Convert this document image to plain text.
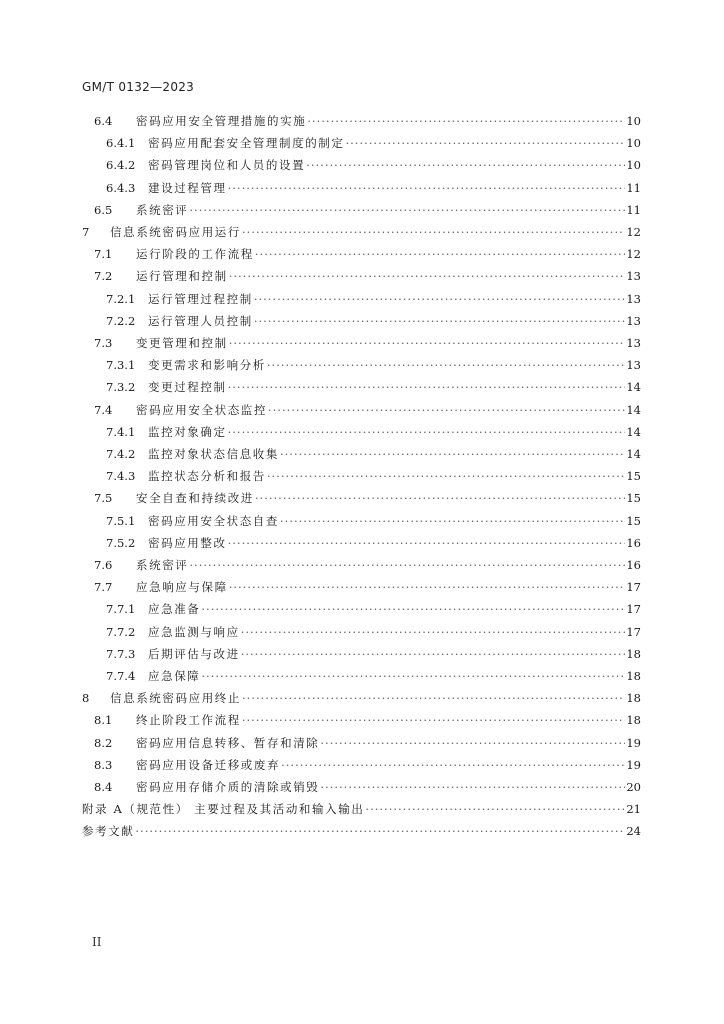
GM/T 0132—2023
6.4	密码应用安全管理措施的实施 ·····	10
6.4.1	密码应用配套安全管理制度的制定 ·····	10
6.4.2	密码管理岗位和人员的设置 ·····	10
6.4.3	建设过程管理 ·····	11
6.5	系统密评 ·····	11
7	信息系统密码应用运行 ·····	12
7.1	运行阶段的工作流程 ·····	12
7.2	运行管理和控制 ·····	13
7.2.1	运行管理过程控制 ·····	13
7.2.2	运行管理人员控制 ·····	13
7.3	变更管理和控制 ·····	13
7.3.1	变更需求和影响分析 ·····	13
7.3.2	变更过程控制 ·····	14
7.4	密码应用安全状态监控 ·····	14
7.4.1	监控对象确定 ·····	14
7.4.2	监控对象状态信息收集 ·····	14
7.4.3	监控状态分析和报告 ·····	15
7.5	安全自查和持续改进 ·····	15
7.5.1	密码应用安全状态自查 ·····	15
7.5.2	密码应用整改 ·····	16
7.6	系统密评 ·····	16
7.7	应急响应与保障 ·····	17
7.7.1	应急准备 ·····	17
7.7.2	应急监测与响应 ·····	17
7.7.3	后期评估与改进 ·····	18
7.7.4	应急保障 ·····	18
8	信息系统密码应用终止 ·····	18
8.1	终止阶段工作流程 ·····	18
8.2	密码应用信息转移、暂存和清除 ·····	19
8.3	密码应用设备迁移或废弃 ·····	19
8.4	密码应用存储介质的清除或销毁 ·····	20
附录 A（规范性） 主要过程及其活动和输入输出 ·····	21
参考文献 ·····	24
II
